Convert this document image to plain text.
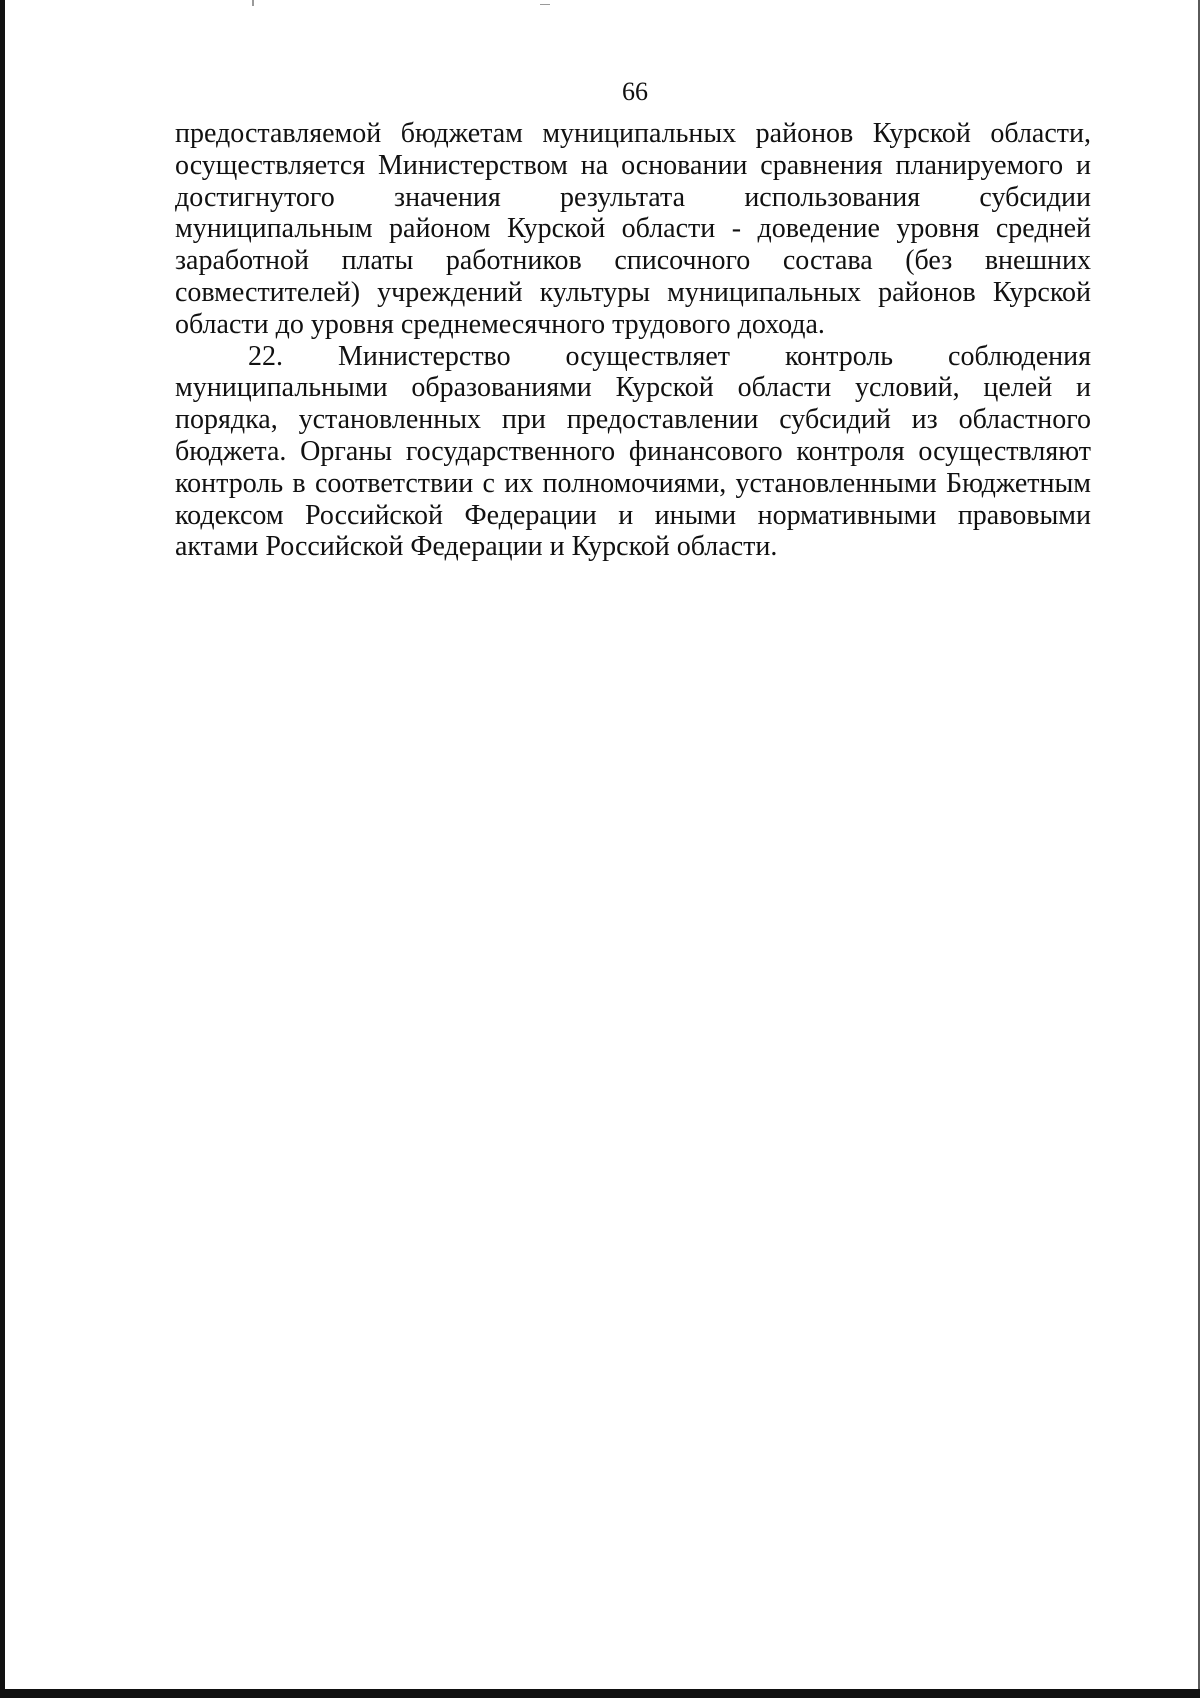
66

предоставляемой бюджетам муниципальных районов Курской области,
осуществляется Министерством на основании сравнения планируемого и
достигнутого значения результата использования субсидии
муниципальным районом Курской области - доведение уровня средней
заработной платы работников списочного состава (без внешних
совместителей) учреждений культуры муниципальных районов Курской
области до уровня среднемесячного трудового дохода.

22. Министерство осуществляет контроль соблюдения
муниципальными образованиями Курской области условий, целей и
порядка, установленных при предоставлении субсидий из областного
бюджета. Органы государственного финансового контроля осуществляют
контроль в соответствии с их полномочиями, установленными Бюджетным
кодексом Российской Федерации и иными нормативными правовыми
актами Российской Федерации и Курской области.
